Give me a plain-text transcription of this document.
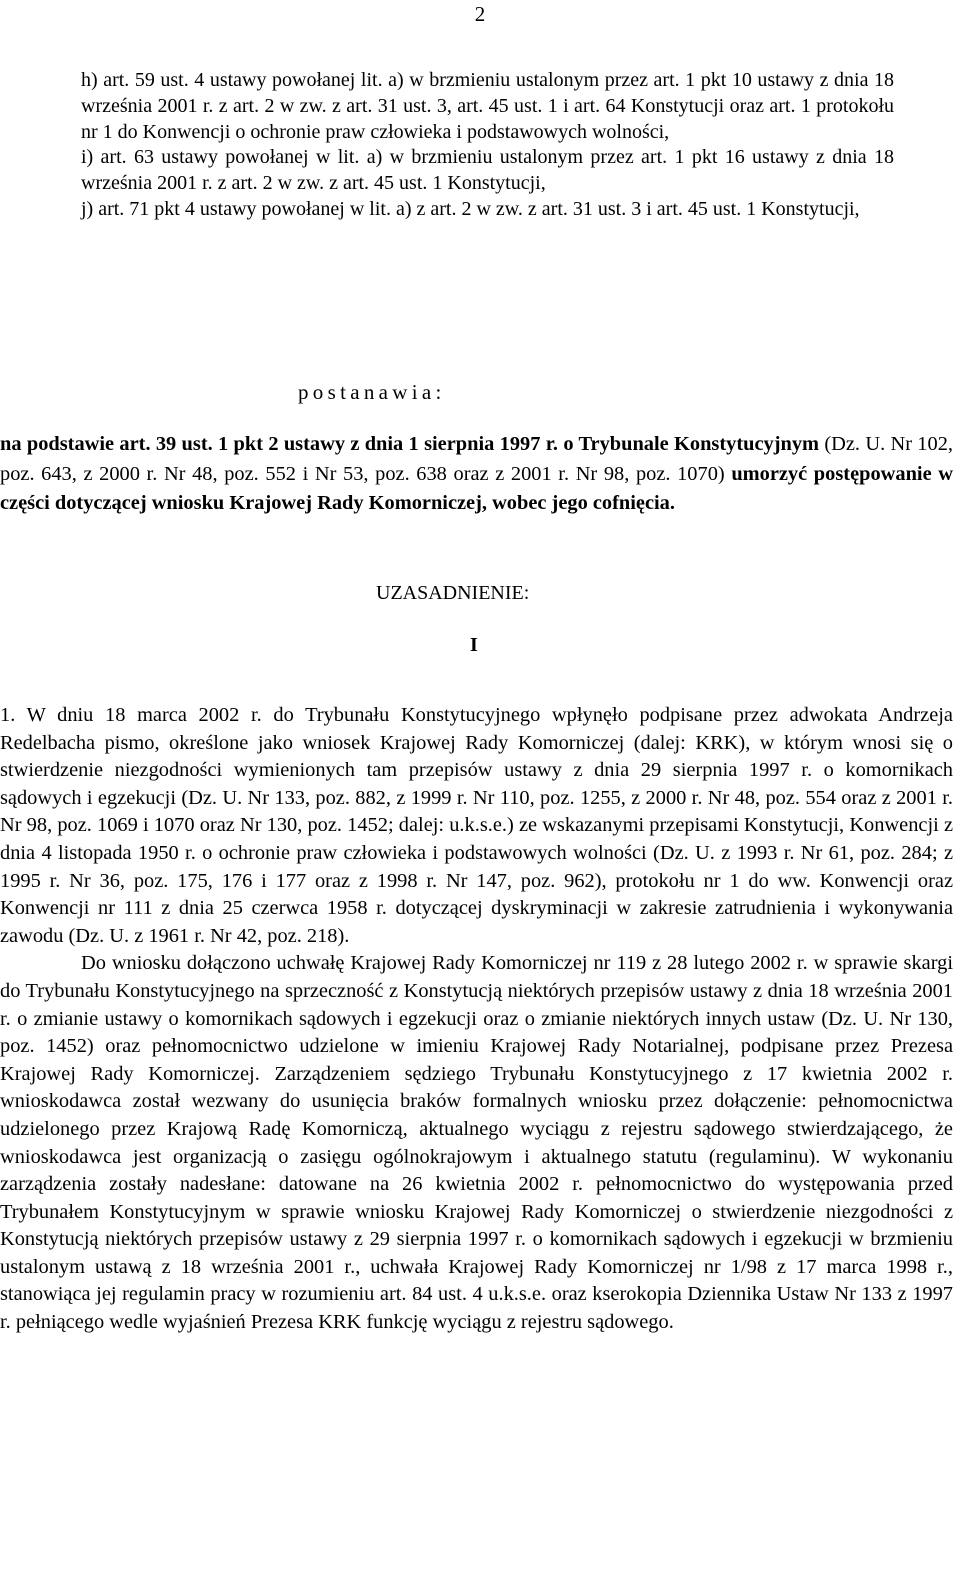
2

h) art. 59 ust. 4 ustawy powołanej lit. a) w brzmieniu ustalonym przez art. 1 pkt 10 ustawy z dnia 18 września 2001 r. z art. 2 w zw. z art. 31 ust. 3, art. 45 ust. 1 i art. 64 Konstytucji oraz art. 1 protokołu nr 1 do Konwencji o ochronie praw człowieka i podstawowych wolności,

i) art. 63 ustawy powołanej w lit. a) w brzmieniu ustalonym przez art. 1 pkt 16 ustawy z dnia 18 września 2001 r. z art. 2 w zw. z art. 45 ust. 1 Konstytucji,

j) art. 71 pkt 4 ustawy powołanej w lit. a) z art. 2 w zw. z art. 31 ust. 3 i art. 45 ust. 1 Konstytucji,

postanawia:

na podstawie art. 39 ust. 1 pkt 2 ustawy z dnia 1 sierpnia 1997 r. o Trybunale Konstytucyjnym (Dz. U. Nr 102, poz. 643, z 2000 r. Nr 48, poz. 552 i Nr 53, poz. 638 oraz z 2001 r. Nr 98, poz. 1070) umorzyć postępowanie w części dotyczącej wniosku Krajowej Rady Komorniczej, wobec jego cofnięcia.

UZASADNIENIE:
I

1. W dniu 18 marca 2002 r. do Trybunału Konstytucyjnego wpłynęło podpisane przez adwokata Andrzeja Redelbacha pismo, określone jako wniosek Krajowej Rady Komorniczej (dalej: KRK), w którym wnosi się o stwierdzenie niezgodności wymienionych tam przepisów ustawy z dnia 29 sierpnia 1997 r. o komornikach sądowych i egzekucji (Dz. U. Nr 133, poz. 882, z 1999 r. Nr 110, poz. 1255, z 2000 r. Nr 48, poz. 554 oraz z 2001 r. Nr 98, poz. 1069 i 1070 oraz Nr 130, poz. 1452; dalej: u.k.s.e.) ze wskazanymi przepisami Konstytucji, Konwencji z dnia 4 listopada 1950 r. o ochronie praw człowieka i podstawowych wolności (Dz. U. z 1993 r. Nr 61, poz. 284; z 1995 r. Nr 36, poz. 175, 176 i 177 oraz z 1998 r. Nr 147, poz. 962), protokołu nr 1 do ww. Konwencji oraz Konwencji nr 111 z dnia 25 czerwca 1958 r. dotyczącej dyskryminacji w zakresie zatrudnienia i wykonywania zawodu (Dz. U. z 1961 r. Nr 42, poz. 218).

Do wniosku dołączono uchwałę Krajowej Rady Komorniczej nr 119 z 28 lutego 2002 r. w sprawie skargi do Trybunału Konstytucyjnego na sprzeczność z Konstytucją niektórych przepisów ustawy z dnia 18 września 2001 r. o zmianie ustawy o komornikach sądowych i egzekucji oraz o zmianie niektórych innych ustaw (Dz. U. Nr 130, poz. 1452) oraz pełnomocnictwo udzielone w imieniu Krajowej Rady Notarialnej, podpisane przez Prezesa Krajowej Rady Komorniczej. Zarządzeniem sędziego Trybunału Konstytucyjnego z 17 kwietnia 2002 r. wnioskodawca został wezwany do usunięcia braków formalnych wniosku przez dołączenie: pełnomocnictwa udzielonego przez Krajową Radę Komorniczą, aktualnego wyciągu z rejestru sądowego stwierdzającego, że wnioskodawca jest organizacją o zasięgu ogólnokrajowym i aktualnego statutu (regulaminu). W wykonaniu zarządzenia zostały nadesłane: datowane na 26 kwietnia 2002 r. pełnomocnictwo do występowania przed Trybunałem Konstytucyjnym w sprawie wniosku Krajowej Rady Komorniczej o stwierdzenie niezgodności z Konstytucją niektórych przepisów ustawy z 29 sierpnia 1997 r. o komornikach sądowych i egzekucji w brzmieniu ustalonym ustawą z 18 września 2001 r., uchwała Krajowej Rady Komorniczej nr 1/98 z 17 marca 1998 r., stanowiąca jej regulamin pracy w rozumieniu art. 84 ust. 4 u.k.s.e. oraz kserokopia Dziennika Ustaw Nr 133 z 1997 r. pełniącego wedle wyjaśnień Prezesa KRK funkcję wyciągu z rejestru sądowego.
